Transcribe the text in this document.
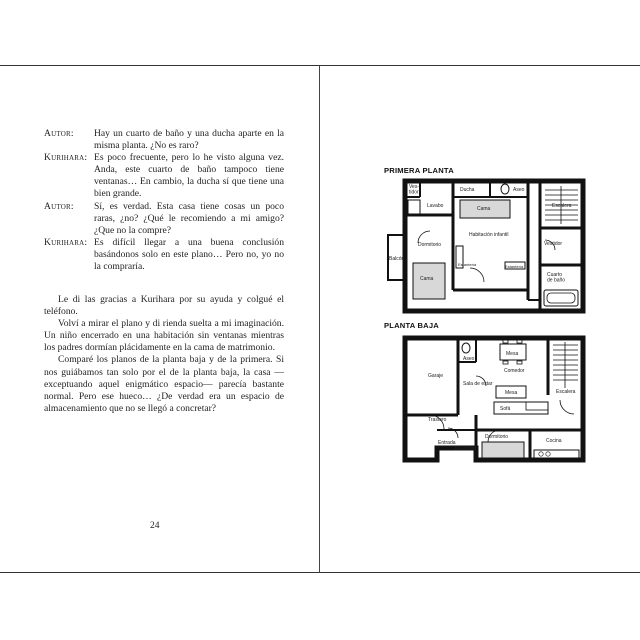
Autor: Hay un cuarto de baño y una ducha aparte en la misma planta. ¿No es raro?
Kurihara: Es poco frecuente, pero lo he visto alguna vez. Anda, este cuarto de baño tampoco tiene ventanas… En cambio, la ducha sí que tiene una bien grande.
Autor: Sí, es verdad. Esta casa tiene cosas un poco raras, ¿no? ¿Qué le recomiendo a mi amigo? ¿Que no la compre?
Kurihara: Es difícil llegar a una buena conclusión basándonos solo en este plano… Pero no, yo no la compraría.

Le di las gracias a Kurihara por su ayuda y colgué el teléfono.

Volví a mirar el plano y di rienda suelta a mi imaginación. Un niño encerrado en una habitación sin ventanas mientras los padres dormían plácidamente en la cama de matrimonio.

Comparé los planos de la planta baja y de la primera. Si nos guiábamos tan solo por el de la planta baja, la casa —exceptuando aquel enigmático espacio— parecía bastante normal. Pero ese hueco… ¿De verdad era un espacio de almacenamiento que no se llegó a concretar?

24
PRIMERA PLANTA
PLANTA BAJA
Ves-tidor	Ducha	Aseo
Lavabo	Cama	Escalera
Dormitorio
Habitación infantil
Vestidor
Balcón
Estantería	Estantería
Cama
Cuarto de baño
Mesa
Garaje
Aseo
Comedor
Sala de estar
Escalera
Mesa
Sofá
Trastero
Entrada
Recibidor
Dormitorio
Cocina
